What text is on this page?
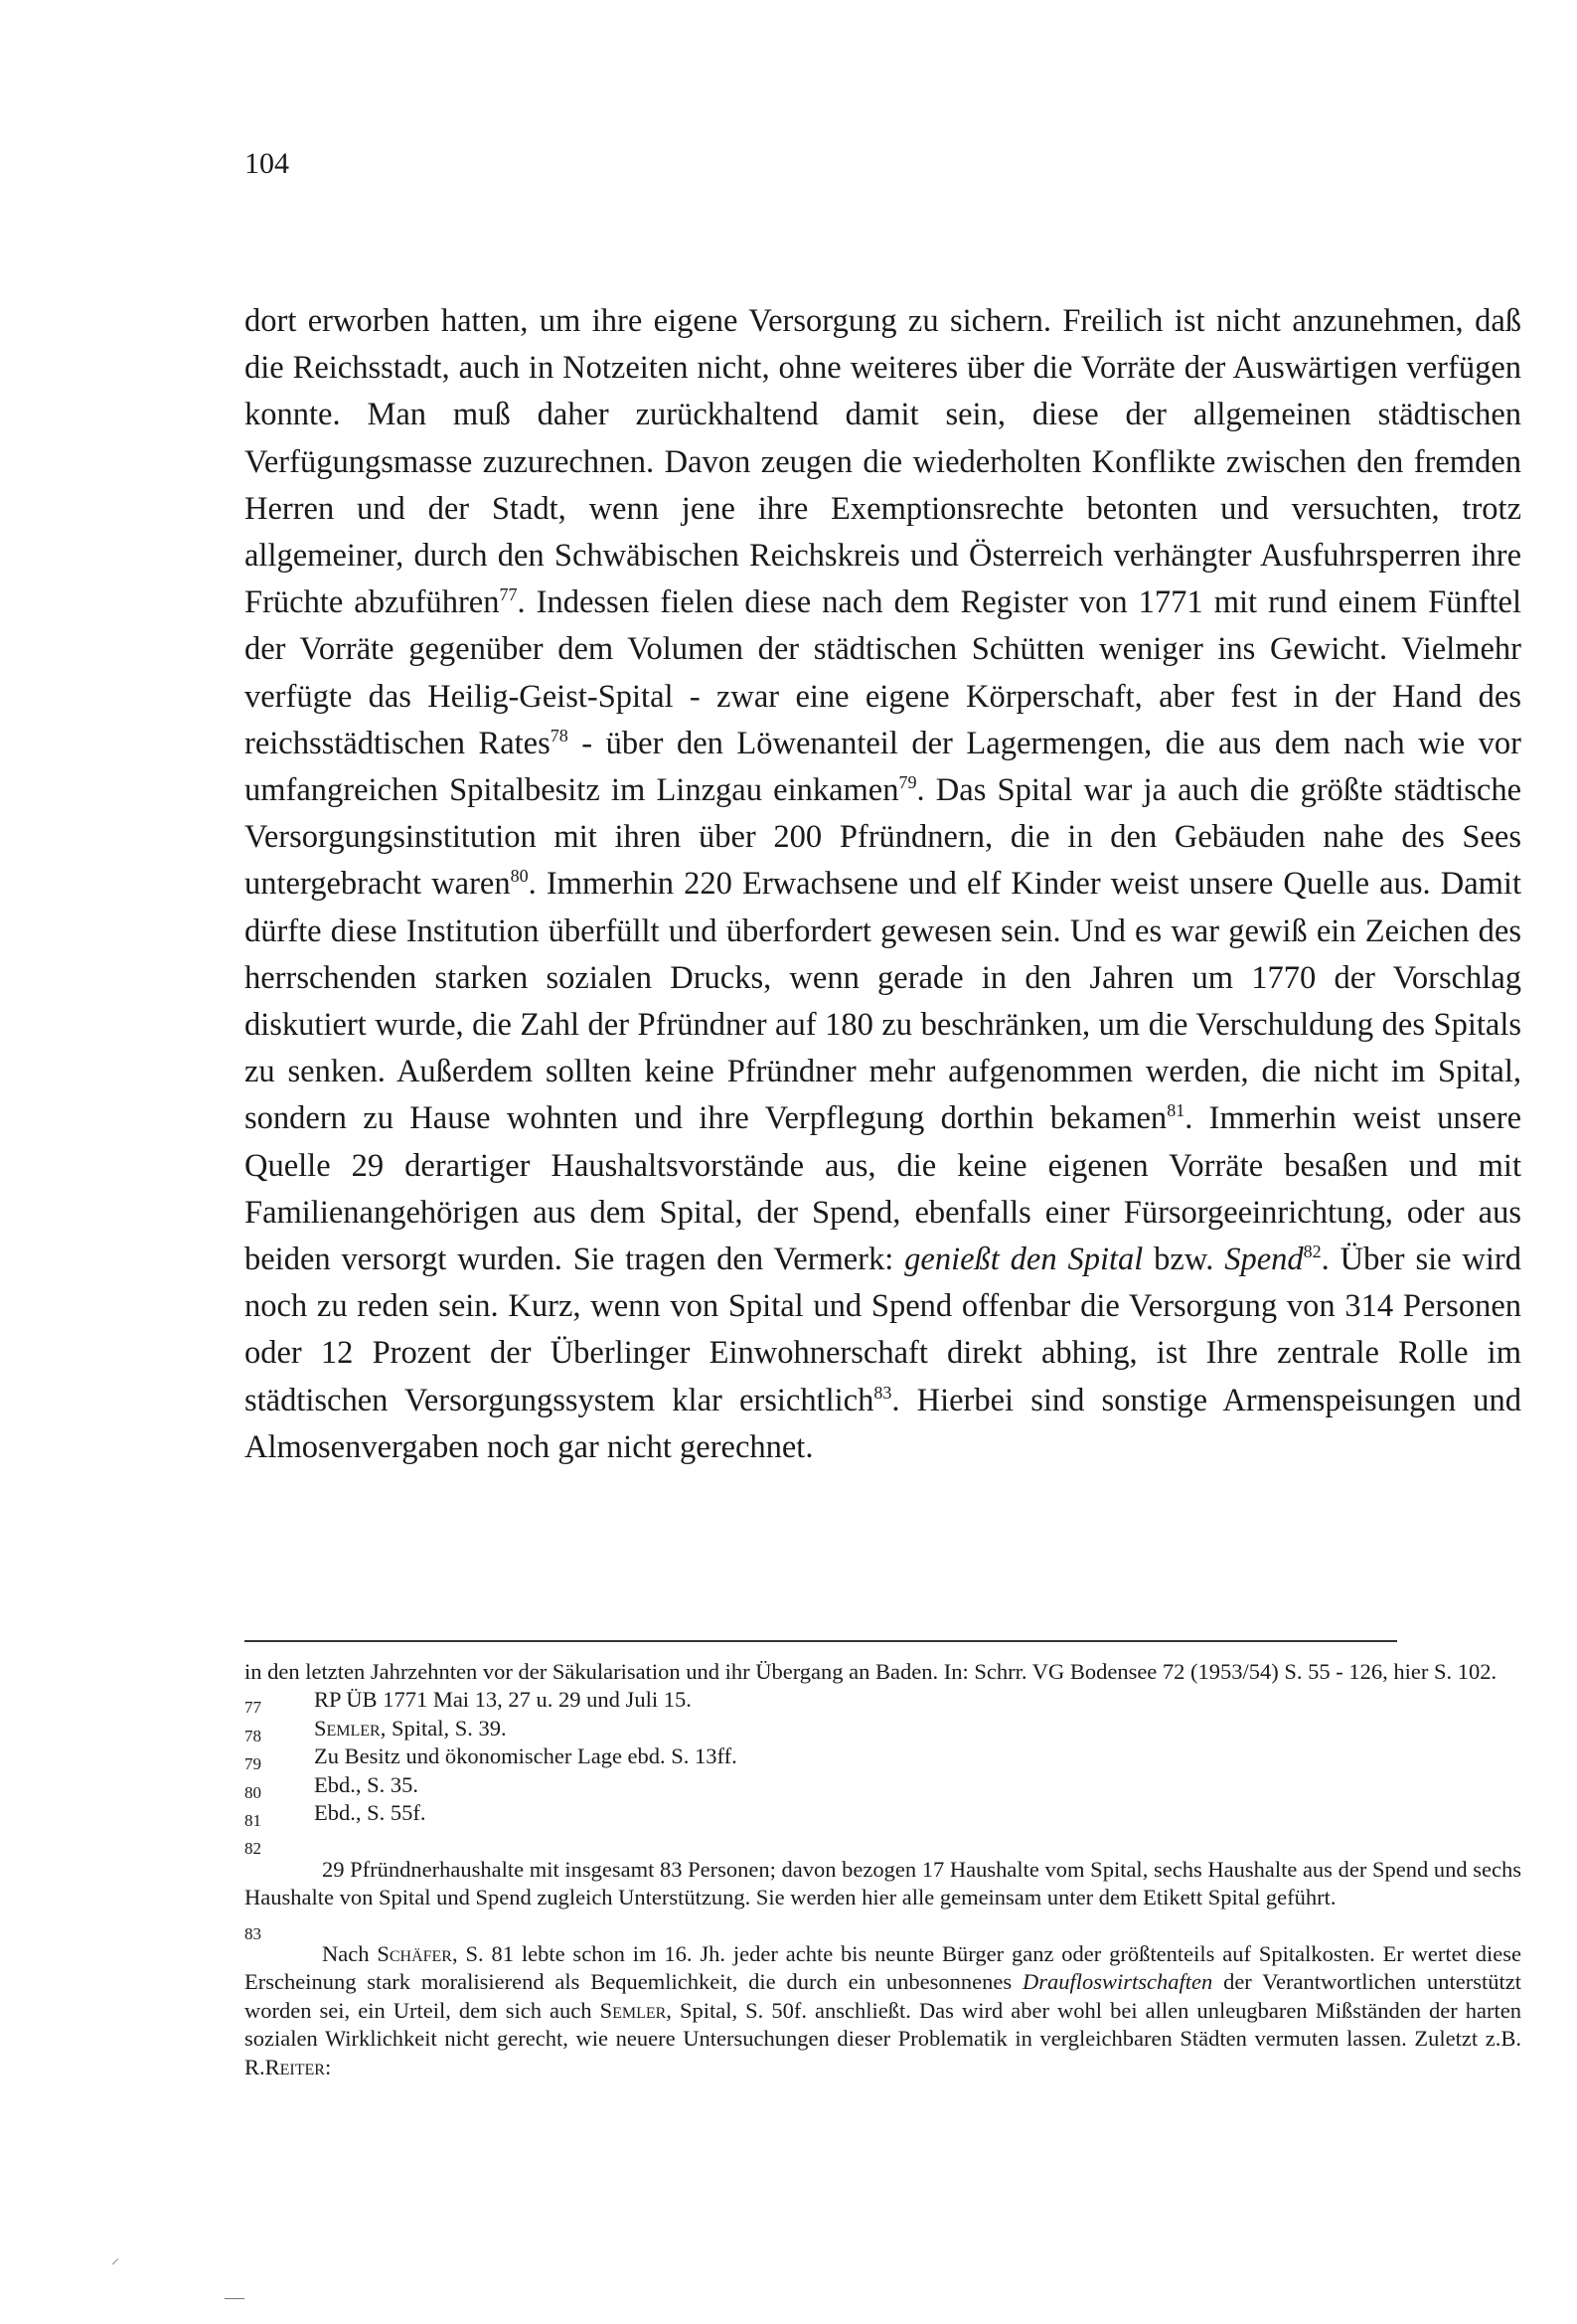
104

dort erworben hatten, um ihre eigene Versorgung zu sichern. Freilich ist nicht anzunehmen, daß die Reichsstadt, auch in Notzeiten nicht, ohne weiteres über die Vorräte der Auswärtigen verfügen konnte. Man muß daher zurückhaltend damit sein, diese der allgemeinen städtischen Verfügungsmasse zuzurechnen. Davon zeugen die wiederholten Konflikte zwischen den fremden Herren und der Stadt, wenn jene ihre Exemptionsrechte betonten und versuchten, trotz allgemeiner, durch den Schwäbischen Reichskreis und Österreich verhängter Ausfuhrsperren ihre Früchte abzuführen$^{77}$. Indessen fielen diese nach dem Register von 1771 mit rund einem Fünftel der Vorräte gegenüber dem Volumen der städtischen Schütten weniger ins Gewicht. Vielmehr verfügte das Heilig-Geist-Spital - zwar eine eigene Körperschaft, aber fest in der Hand des reichsstädtischen Rates$^{78}$ - über den Löwenanteil der Lagermengen, die aus dem nach wie vor umfangreichen Spitalbesitz im Linzgau einkamen$^{79}$. Das Spital war ja auch die größte städtische Versorgungsinstitution mit ihren über 200 Pfründnern, die in den Gebäuden nahe des Sees untergebracht waren$^{80}$. Immerhin 220 Erwachsene und elf Kinder weist unsere Quelle aus. Damit dürfte diese Institution überfüllt und überfordert gewesen sein. Und es war gewiß ein Zeichen des herrschenden starken sozialen Drucks, wenn gerade in den Jahren um 1770 der Vorschlag diskutiert wurde, die Zahl der Pfründner auf 180 zu beschränken, um die Verschuldung des Spitals zu senken. Außerdem sollten keine Pfründner mehr aufgenommen werden, die nicht im Spital, sondern zu Hause wohnten und ihre Verpflegung dorthin bekamen$^{81}$. Immerhin weist unsere Quelle 29 derartiger Haushaltsvorstände aus, die keine eigenen Vorräte besaßen und mit Familienangehörigen aus dem Spital, der Spend, ebenfalls einer Fürsorgeeinrichtung, oder aus beiden versorgt wurden. Sie tragen den Vermerk: genießt den Spital bzw. Spend$^{82}$. Über sie wird noch zu reden sein. Kurz, wenn von Spital und Spend offenbar die Versorgung von 314 Personen oder 12 Prozent der Überlinger Einwohnerschaft direkt abhing, ist Ihre zentrale Rolle im städtischen Versorgungssystem klar ersichtlich$^{83}$. Hierbei sind sonstige Armenspeisungen und Almosenvergaben noch gar nicht gerechnet.

in den letzten Jahrzehnten vor der Säkularisation und ihr Übergang an Baden. In: Schrr. VG Bodensee 72 (1953/54) S. 55 - 126, hier S. 102.

77 RP ÜB 1771 Mai 13, 27 u. 29 und Juli 15.

78 Semler, Spital, S. 39.

79 Zu Besitz und ökonomischer Lage ebd. S. 13ff.

80 Ebd., S. 35.

81 Ebd., S. 55f.

82

29 Pfründnerhaushalte mit insgesamt 83 Personen; davon bezogen 17 Haushalte vom Spital, sechs Haushalte aus der Spend und sechs Haushalte von Spital und Spend zugleich Unterstützung. Sie werden hier alle gemeinsam unter dem Etikett Spital geführt.

83

Nach Schäfer, S. 81 lebte schon im 16. Jh. jeder achte bis neunte Bürger ganz oder größtenteils auf Spitalkosten. Er wertet diese Erscheinung stark moralisierend als Bequemlichkeit, die durch ein unbesonnenes Draufloswirtschaften der Verantwortlichen unterstützt worden sei, ein Urteil, dem sich auch Semler, Spital, S. 50f. anschließt. Das wird aber wohl bei allen unleugbaren Mißständen der harten sozialen Wirklichkeit nicht gerecht, wie neuere Untersuchungen dieser Problematik in vergleichbaren Städten vermuten lassen. Zuletzt z.B. R.Reiter:

⸝
—
